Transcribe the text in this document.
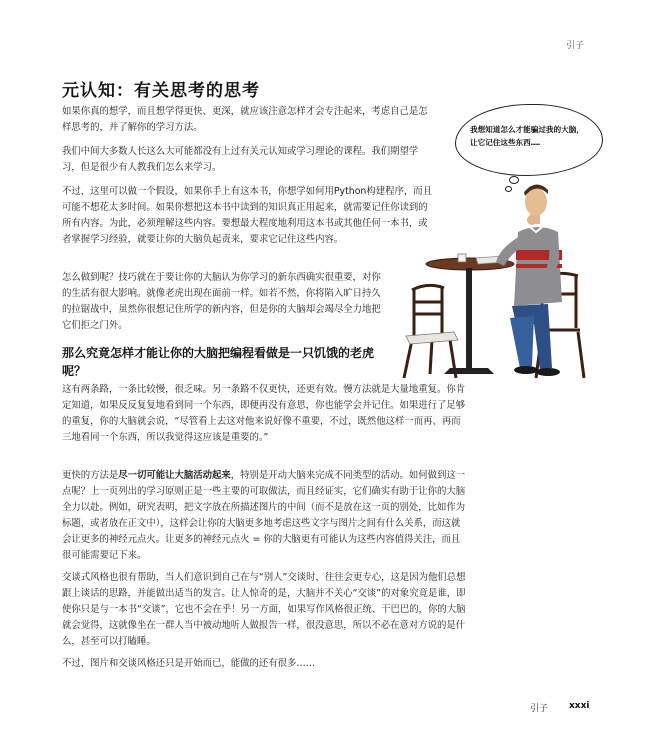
引子
元认知：有关思考的思考

如果你真的想学，而且想学得更快、更深，就应该注意怎样才会专注起来，考虑自己是怎样思考的，并了解你的学习方法。

我们中间大多数人长这么大可能都没有上过有关元认知或学习理论的课程。我们期望学习，但是很少有人教我们怎么来学习。

不过，这里可以做一个假设，如果你手上有这本书，你想学如何用Python构建程序，而且可能不想花太多时间。如果你想把这本书中读到的知识真正用起来，就需要记住你读到的所有内容。为此，必须理解这些内容。要想最大程度地利用这本书或其他任何一本书，或者掌握学习经验，就要让你的大脑负起责来，要求它记住这些内容。

怎么做到呢？技巧就在于要让你的大脑认为你学习的新东西确实很重要，对你的生活有很大影响。就像老虎出现在面前一样。如若不然，你将陷入旷日持久的拉锯战中，虽然你很想记住所学的新内容，但是你的大脑却会竭尽全力地把它们拒之门外。

那么究竟怎样才能让你的大脑把编程看做是一只饥饿的老虎呢？

这有两条路，一条比较慢，很乏味。另一条路不仅更快，还更有效。慢方法就是大量地重复。你肯定知道，如果反反复复地看到同一个东西，即便再没有意思，你也能学会并记住。如果进行了足够的重复，你的大脑就会说，“尽管看上去这对他来说好像不重要，不过，既然他这样一而再、再而三地看同一个东西，所以我觉得这应该是重要的。”

更快的方法是尽一切可能让大脑活动起来，特别是开动大脑来完成不同类型的活动。如何做到这一点呢？上一页列出的学习原则正是一些主要的可取做法，而且经证实，它们确实有助于让你的大脑全力以赴。例如，研究表明，把文字放在所描述图片的中间（而不是放在这一页的别处，比如作为标题，或者放在正文中），这样会让你的大脑更多地考虑这些文字与图片之间有什么关系，而这就会让更多的神经元点火。让更多的神经元点火 = 你的大脑更有可能认为这些内容值得关注，而且很可能需要记下来。

交谈式风格也很有帮助，当人们意识到自己在与“别人”交谈时，往往会更专心，这是因为他们总想跟上谈话的思路，并能做出适当的发言。让人惊奇的是，大脑并不关心“交谈”的对象究竟是谁，即使你只是与一本书“交谈”，它也不会在乎！另一方面，如果写作风格很正统、干巴巴的，你的大脑就会觉得，这就像坐在一群人当中被动地听人做报告一样，很没意思，所以不必在意对方说的是什么，甚至可以打瞌睡。

不过，图片和交谈风格还只是开始而已，能做的还有很多……

我想知道怎么才能骗过我的大脑，让它记住这些东西……
引子 xxxi
